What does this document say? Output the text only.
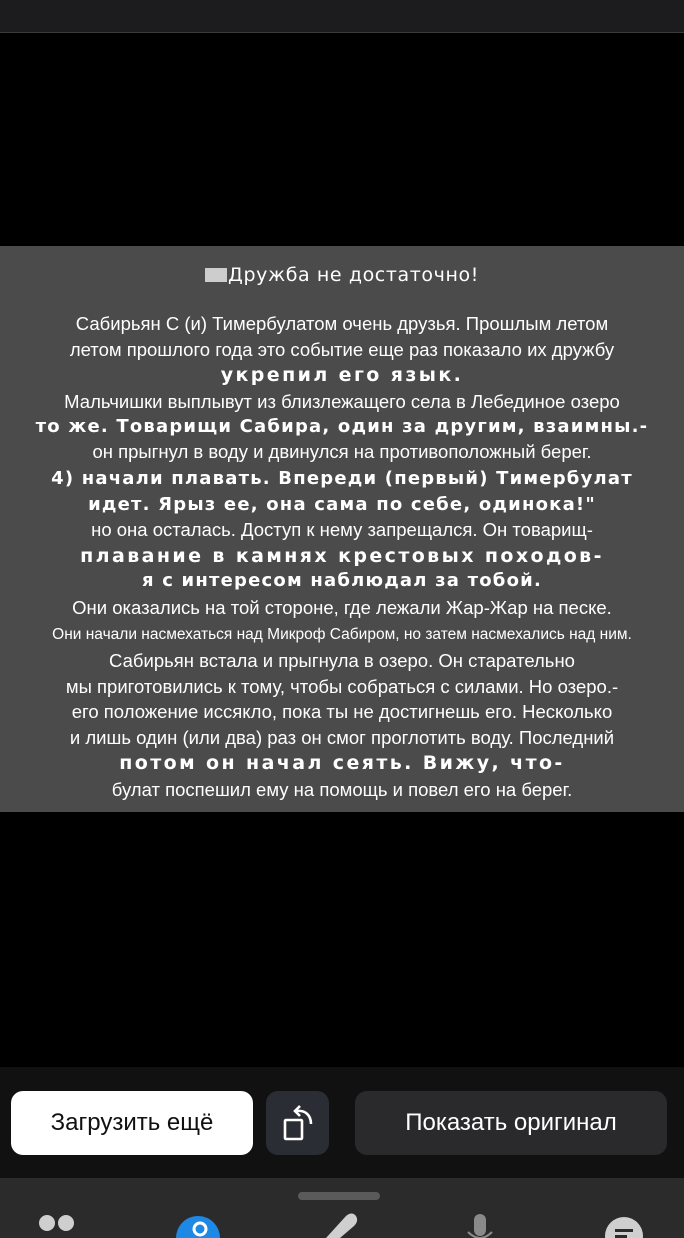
Дружба не достаточно!
Сабирьян С (и) Тимербулатом очень друзья. Прошлым летом
летом прошлого года это событие еще раз показало их дружбу
укрепил его язык.
Мальчишки выплывут из близлежащего села в Лебединое озеро
то же. Товарищи Сабира, один за другим, взаимны.-
он прыгнул в воду и двинулся на противоположный берег.
4) начали плавать. Впереди (первый) Тимербулат
идет. Ярыз ее, она сама по себе, одинока!"
но она осталась. Доступ к нему запрещался. Он товарищ-
плавание в камнях крестовых походов-
я с интересом наблюдал за тобой.
Они оказались на той стороне, где лежали Жар-Жар на песке.
Они начали насмехаться над Микроф Сабиром, но затем насмехались над ним.
Сабирьян встала и прыгнула в озеро. Он старательно
мы приготовились к тому, чтобы собраться с силами. Но озеро.-
его положение иссякло, пока ты не достигнешь его. Несколько
и лишь один (или два) раз он смог проглотить воду. Последний
потом он начал сеять. Вижу, что-
булат поспешил ему на помощь и повел его на берег.
Загрузить ещё	Показать оригинал
